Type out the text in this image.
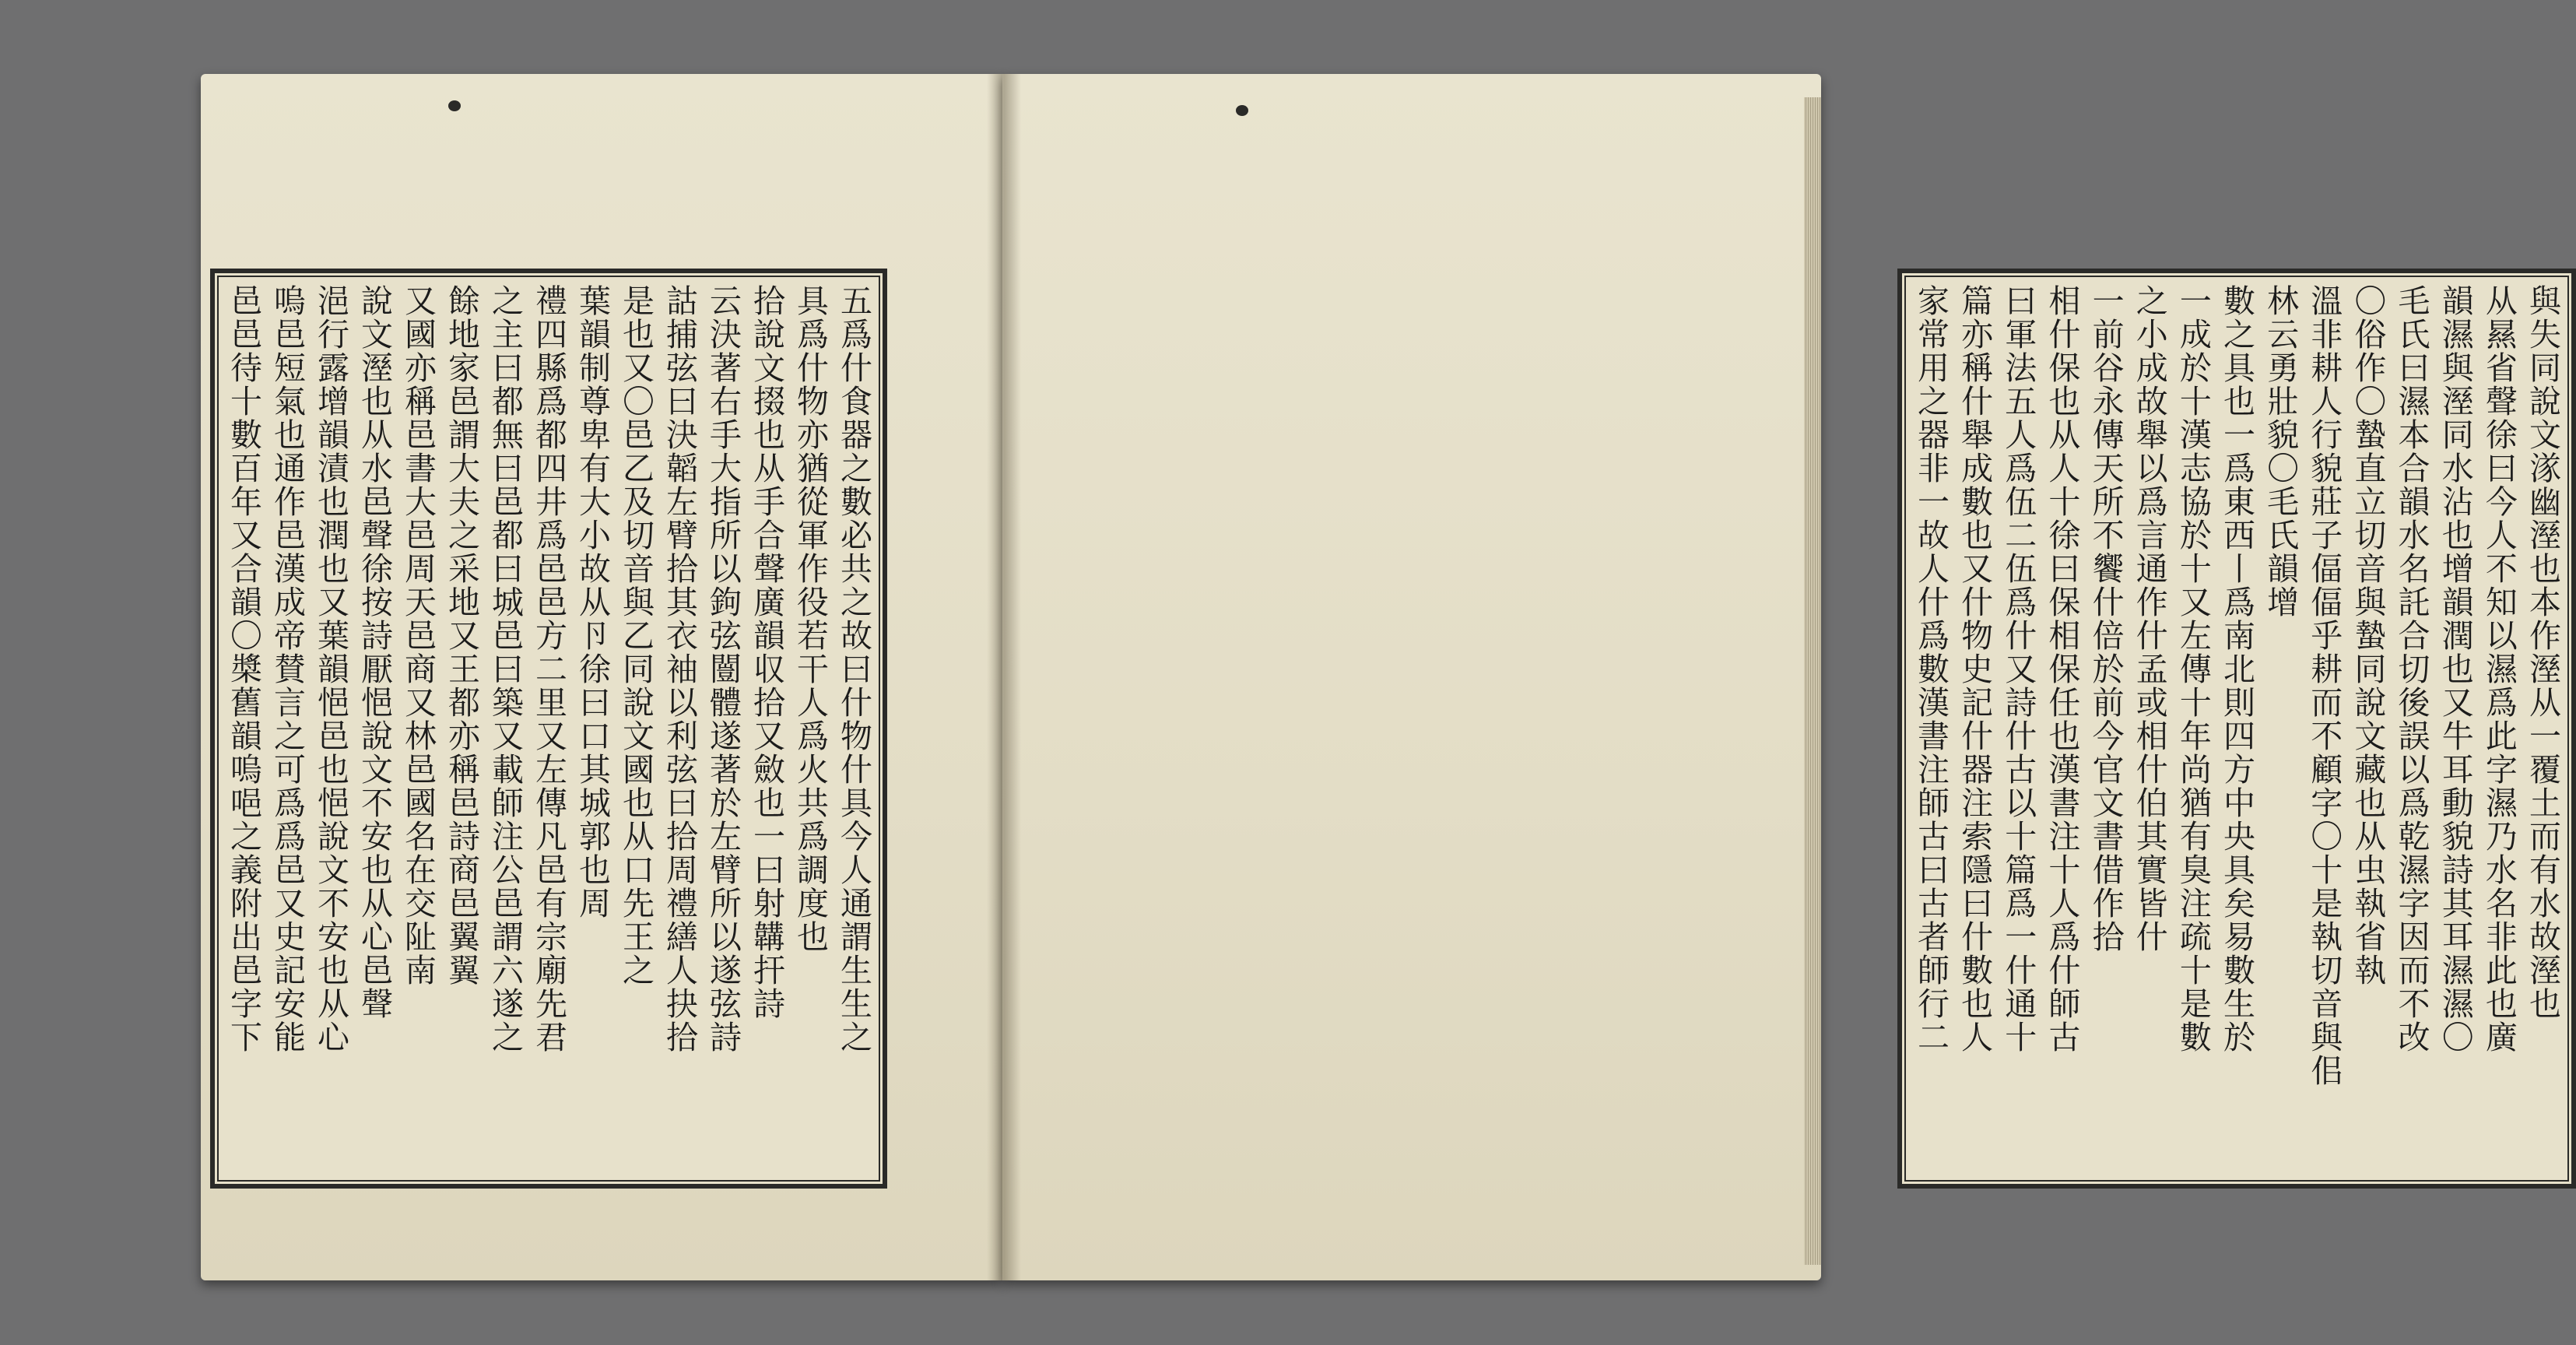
五爲什食器之數必共之故曰什物什具今人通謂生生之
具爲什物亦猶從軍作役若干人爲火共爲調度也
拾說文掇也从手合聲廣韻収拾又斂也一曰射韝扞詩
云決著右手大指所以鉤弦闓體遂著於左臂所以遂弦詩
詁捕弦曰決韜左臂拾其衣袖以利弦曰拾周禮繕人抉拾
是也又〇邑乙及切音與乙同說文國也从口先王之
葉韻制尊卑有大小故从卪徐曰口其城郭也周
禮四縣爲都四井爲邑邑方二里又左傳凡邑有宗廟先君
之主曰都無曰邑都曰城邑曰築又載師注公邑謂六遂之
餘地家邑謂大夫之采地又王都亦稱邑詩商邑翼翼
又國亦稱邑書大邑周天邑商又林邑國名在交阯南
說文溼也从水邑聲徐按詩厭悒說文不安也从心邑聲
浥行露增韻漬也潤也又葉韻悒邑也悒說文不安也从心
嗚邑短氣也通作邑漢成帝賛言之可爲爲邑又史記安能
邑邑待十數百年又合韻〇槳舊韻嗚唈之義附出邑字下	與失同說文㴚幽溼也本作溼从一覆土而有水故溼也
从㬎省聲徐曰今人不知以濕爲此字濕乃水名非此也廣
韻濕與溼同水沾也增韻潤也又牛耳動貌詩其耳濕濕〇
毛氏曰濕本合韻水名託合切後誤以爲乾濕字因而不改
〇俗作〇蟄直立切音與蟄同說文藏也从虫執省執
溫非耕人行貌莊子偪偪乎耕而不顧字〇十是執切音與佀
林云勇壯貌〇毛氏韻增
數之具也一爲東西丨爲南北則四方中央具矣易數生於
一成於十漢志協於十又左傳十年尚猶有臭注疏十是數
之小成故舉以爲言通作什孟或相什伯其實皆什
一前谷永傳天所不饗什倍於前今官文書借作拾
相什保也从人十徐曰保相保任也漢書注十人爲什師古
曰軍法五人爲伍二伍爲什又詩什古以十篇爲一什通十
篇亦稱什舉成數也又什物史記什器注索隱曰什數也人
家常用之器非一故人什爲數漢書注師古曰古者師行二
